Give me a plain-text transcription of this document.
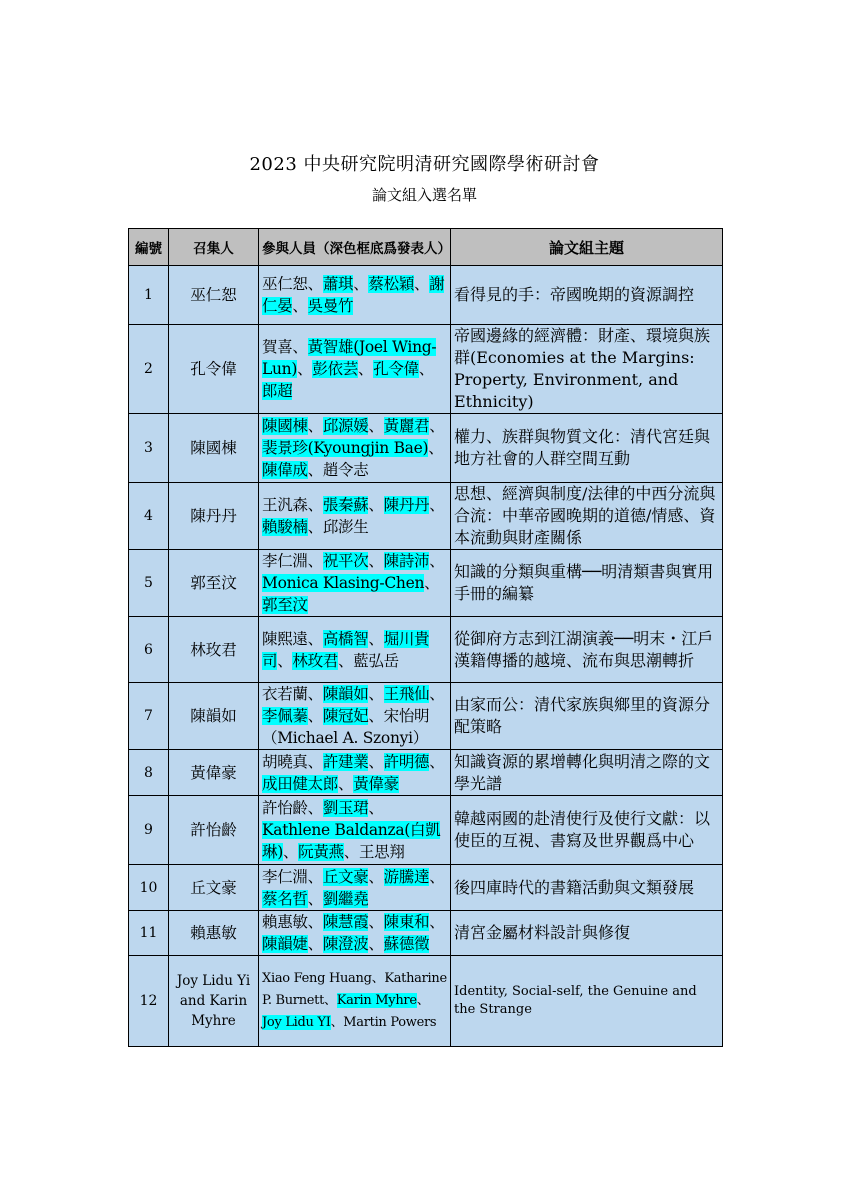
2023 中央研究院明清研究國際學術研討會
論文組入選名單
編號	召集人	參與人員（深色框底爲發表人）	論文組主題
1	巫仁恕	巫仁恕、蕭琪、蔡松穎、謝仁晏、吳曼竹	看得見的手：帝國晚期的資源調控
2	孔令偉	賀喜、黃智雄(Joel Wing-Lun)、彭依芸、孔令偉、郎超	帝國邊緣的經濟體：財產、環境與族群(Economies at the Margins: Property, Environment, and Ethnicity)
3	陳國棟	陳國棟、邱源媛、黃麗君、裴景珍(Kyoungjin Bae)、陳偉成、趙令志	權力、族群與物質文化：清代宮廷與地方社會的人群空間互動
4	陳丹丹	王汎森、張秦蘇、陳丹丹、賴駿楠、邱澎生	思想、經濟與制度/法律的中西分流與合流：中華帝國晚期的道德/情感、資本流動與財產關係
5	郭至汶	李仁淵、祝平次、陳詩沛、Monica Klasing-Chen、郭至汶	知識的分類與重構──明清類書與實用手冊的編纂
6	林玫君	陳熙遠、高橋智、堀川貴司、林玫君、藍弘岳	從御府方志到江湖演義──明末・江戶漢籍傳播的越境、流布與思潮轉折
7	陳韻如	衣若蘭、陳韻如、王飛仙、李佩蓁、陳冠妃、宋怡明（Michael A. Szonyi）	由家而公：清代家族與鄉里的資源分配策略
8	黃偉豪	胡曉真、許建業、許明德、成田健太郎、黃偉豪	知識資源的累增轉化與明清之際的文學光譜
9	許怡齡	許怡齡、劉玉珺、Kathlene Baldanza(白凱琳)、阮黃燕、王思翔	韓越兩國的赴清使行及使行文獻：以使臣的互視、書寫及世界觀爲中心
10	丘文豪	李仁淵、丘文豪、游騰達、蔡名哲、劉繼堯	後四庫時代的書籍活動與文類發展
11	賴惠敏	賴惠敏、陳慧霞、陳東和、陳韻婕、陳澄波、蘇德徵	清宮金屬材料設計與修復
12	Joy Lidu Yi and Karin Myhre	Xiao Feng Huang、Katharine P. Burnett、Karin Myhre、Joy Lidu YI、Martin Powers	Identity, Social-self, the Genuine and the Strange
